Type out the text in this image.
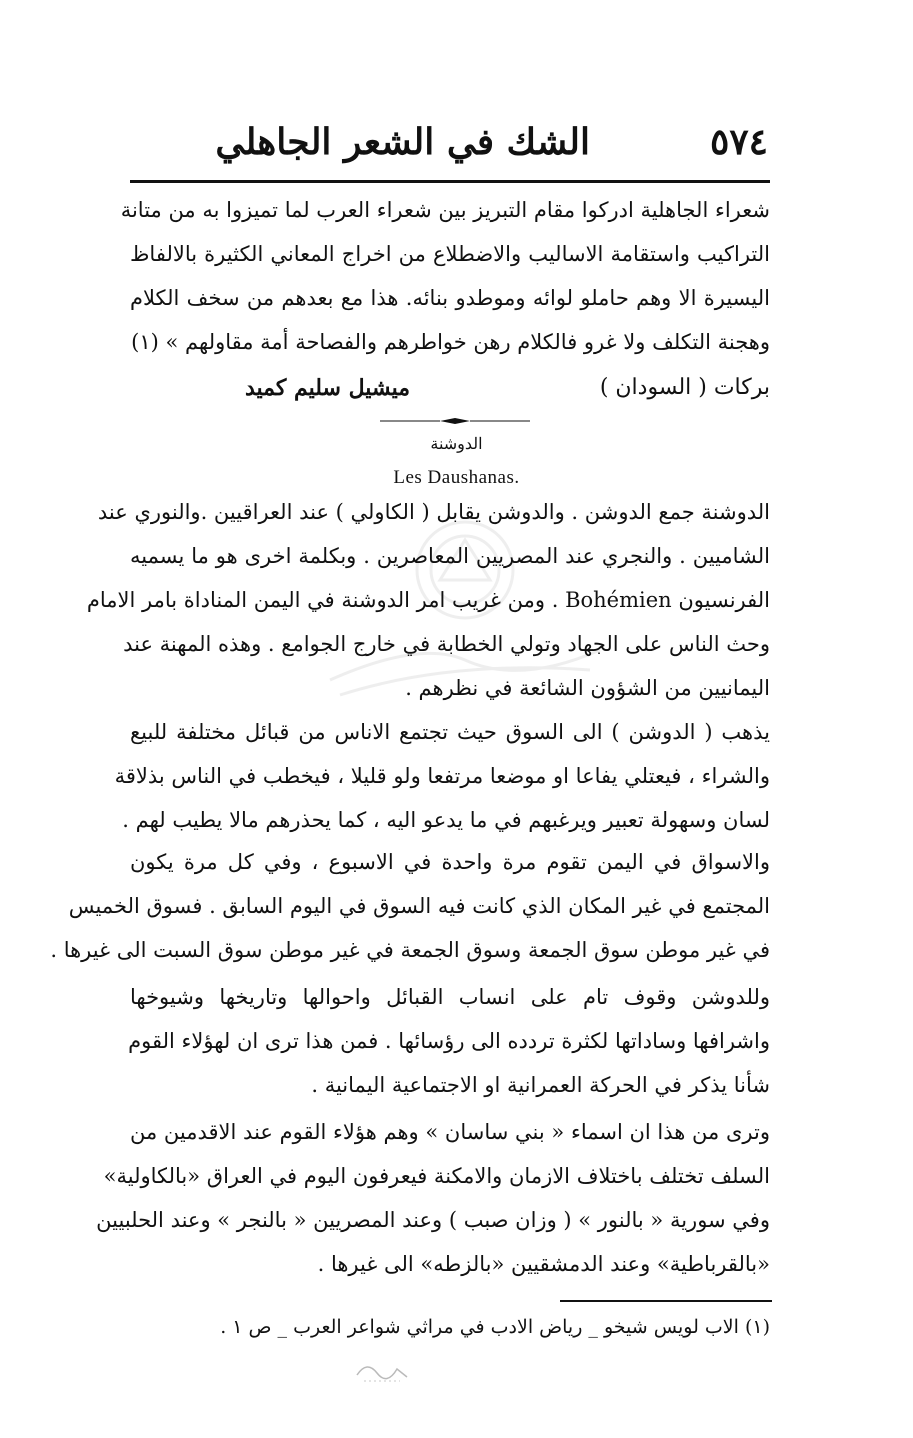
٥٧٤
الشك في الشعر الجاهلي
شعراء الجاهلية ادركوا مقام التبريز بين شعراء العرب لما تميزوا به من متانة
التراكيب واستقامة الاساليب والاضطلاع من اخراج المعاني الكثيرة بالالفاظ
اليسيرة الا وهم حاملو لوائه وموطدو بنائه. هذا مع بعدهم من سخف الكلام
وهجنة التكلف ولا غرو فالكلام رهن خواطرهم والفصاحة أمة مقاولهم » (١)
بركات ( السودان )
ميشيل سليم كميد
الدوشنة
Les Daushanas.
الدوشنة جمع الدوشن . والدوشن يقابل ( الكاولي ) عند العراقيين .والنوري عند
الشاميين . والنجري عند المصريين المعاصرين . وبكلمة اخرى هو ما يسميه
الفرنسيون Bohémien . ومن غريب امر الدوشنة في اليمن المناداة بامر الامام
وحث الناس على الجهاد وتولي الخطابة في خارج الجوامع . وهذه المهنة عند
اليمانيين من الشؤون الشائعة في نظرهم .
يذهب ( الدوشن ) الى السوق حيث تجتمع الاناس من قبائل مختلفة للبيع
والشراء ، فيعتلي يفاعا او موضعا مرتفعا ولو قليلا ، فيخطب في الناس بذلاقة
لسان وسهولة تعبير ويرغبهم في ما يدعو اليه ، كما يحذرهم مالا يطيب لهم .
والاسواق في اليمن تقوم مرة واحدة في الاسبوع ، وفي كل مرة يكون
المجتمع في غير المكان الذي كانت فيه السوق في اليوم السابق . فسوق الخميس
في غير موطن سوق الجمعة وسوق الجمعة في غير موطن سوق السبت الى غيرها .
وللدوشن وقوف تام على انساب القبائل واحوالها وتاريخها وشيوخها
واشرافها وساداتها لكثرة تردده الى رؤسائها . فمن هذا ترى ان لهؤلاء القوم
شأنا يذكر في الحركة العمرانية او الاجتماعية اليمانية .
وترى من هذا ان اسماء « بني ساسان » وهم هؤلاء القوم عند الاقدمين من
السلف تختلف باختلاف الازمان والامكنة فيعرفون اليوم في العراق «بالكاولية»
وفي سورية « بالنور » ( وزان صبب ) وعند المصريين « بالنجر » وعند الحلبيين
«بالقرباطية» وعند الدمشقيين «بالزطه» الى غيرها .
(١) الاب لويس شيخو _ رياض الادب في مراثي شواعر العرب _ ص ١ .
